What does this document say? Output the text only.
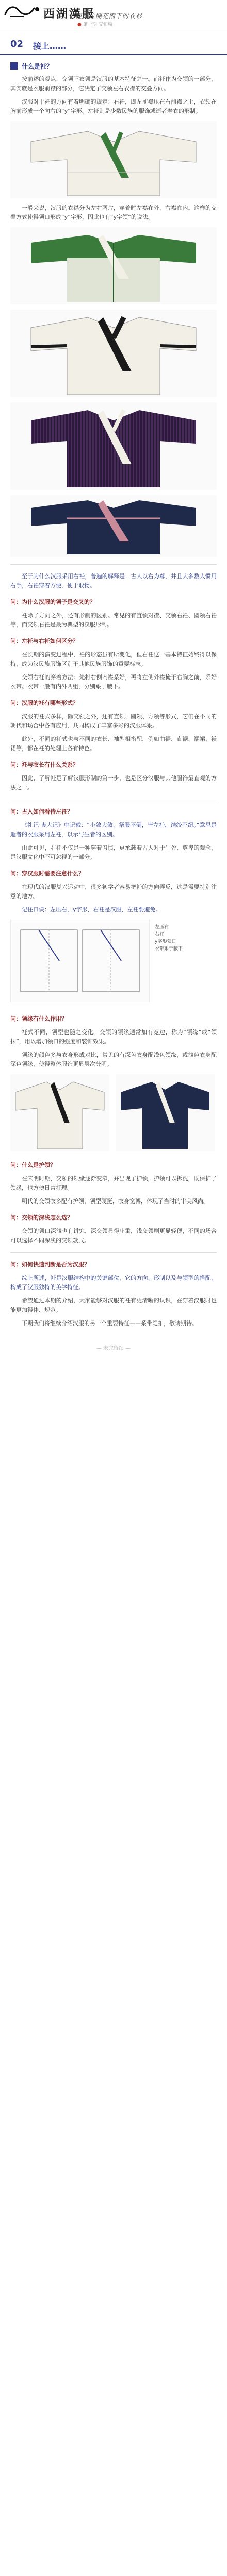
西湖漢服
輕輕拉開花雨下的衣衫
● 第一期·交领篇
02 接上……
什么是衽？

按前述的观点，交领下衣领是汉服的基本特征之一。而衽作为交领的一部分，其实就是衣服前襟的部分，它决定了交领左右衣襟的交叠方向。

汉服对于衽的方向有着明确的规定：右衽，即左前襟压在右前襟之上，衣领在胸前形成一个向右的“y”字形。左衽则是少数民族的服饰或逝者寿衣的形制。

一般来说，汉服的衣襟分为左右两片，穿着时左襟在外、右襟在内。这样的交叠方式使得领口形成“y”字形，因此也有“y字领”的说法。

至于为什么汉服采用右衽，普遍的解释是：古人以右为尊，并且大多数人惯用右手，右衽穿着方便，便于取物。

问：为什么汉服的领子是交叉的？

衽除了方向之外，还有形制的区别。常见的有直领对襟、交领右衽、圆领右衽等，而交领右衽是最为典型的汉服形制。

问：左衽与右衽如何区分？

在长期的演变过程中，衽的形态虽有所变化，但右衽这一基本特征始终得以保持，成为汉民族服饰区别于其他民族服饰的重要标志。

交领右衽的穿着方法：先将右侧内襟系好，再将左侧外襟掩于右胸之前，系好衣带。衣带一般有内外两组，分别系于腋下。

问：汉服的衽有哪些形式？

汉服的衽式多样，除交领之外，还有直领、圆领、方领等形式，它们在不同的朝代和场合中各有应用，共同构成了丰富多彩的汉服体系。

此外，不同的衽式也与不同的衣长、袖型相搭配，例如曲裾、直裾、襦裙、袄裙等，都在衽的处理上各有特色。

问：衽与衣长有什么关系？

因此，了解衽是了解汉服形制的第一步，也是区分汉服与其他服饰最直观的方法之一。

问：古人如何看待左衽？

《礼记·丧大记》中记载：“小敛大敛，祭服不倒，皆左衽，结绞不纽。”意思是逝者的衣服采用左衽，以示与生者的区别。

由此可见，右衽不仅是一种穿着习惯，更承载着古人对于生死、尊卑的观念，是汉服文化中不可忽视的一部分。

问：穿汉服时需要注意什么？

在现代的汉服复兴运动中，很多初学者容易把衽的方向弄反，这是需要特别注意的地方。

记住口诀：左压右，y字形，右衽是汉服，左衽要避免。

左压右
右衽
y字形领口
衣带系于腋下
问：领缘有什么作用？

衽式不同，领型也随之变化。交领的领缘通常加有宽边，称为“领缘”或“领抹”，用以增加领口的强度和装饰效果。

领缘的颜色多与衣身形成对比，常见的有深色衣身配浅色领缘，或浅色衣身配深色领缘，使得整体服饰更显层次分明。

问：什么是护领？

在宋明时期，交领的领缘逐渐变窄，并出现了护领，护领可以拆洗，既保护了领缘，也方便日常打理。

明代的交领衣多配有护领，领型硬挺，衣身宽博，体现了当时的审美风尚。

问：交领的深浅怎么选？

交领的领口深浅也有讲究，深交领显得庄重，浅交领则更显轻便，不同的场合可以选择不同深浅的交领款式。

问：如何快速判断是否为汉服？

综上所述，衽是汉服结构中的关键部位，它的方向、形制以及与领型的搭配，构成了汉服独特的美学特征。

希望通过本期的介绍，大家能够对汉服的衽有更清晰的认识，在穿着汉服时也能更加得体、规范。

下期我们将继续介绍汉服的另一个重要特征——系带隐扣，敬请期待。

— 未完待续 —
